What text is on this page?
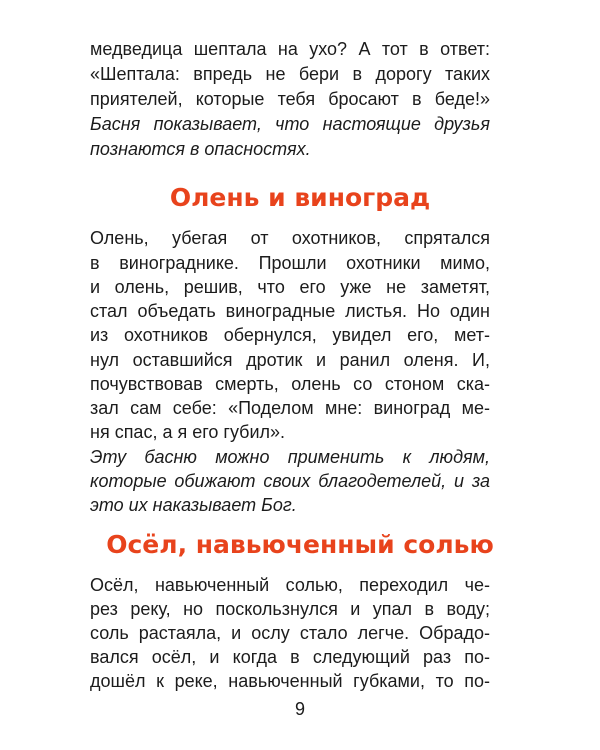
медведица шептала на ухо? А тот в ответ:

«Шептала: впредь не бери в дорогу таких

приятелей, которые тебя бросают в беде!»

Басня показывает, что настоящие друзья

познаются в опасностях.

Олень и виноград

Олень, убегая от охотников, спрятался

в винограднике. Прошли охотники мимо,

и олень, решив, что его уже не заметят,

стал объедать виноградные листья. Но один

из охотников обернулся, увидел его, мет-

нул оставшийся дротик и ранил оленя. И,

почувствовав смерть, олень со стоном ска-

зал сам себе: «Поделом мне: виноград ме-

ня спас, а я его губил».

Эту басню можно применить к людям,

которые обижают своих благодетелей, и за

это их наказывает Бог.

Осёл, навьюченный солью

Осёл, навьюченный солью, переходил че-

рез реку, но поскользнулся и упал в воду;

соль растаяла, и ослу стало легче. Обрадо-

вался осёл, и когда в следующий раз по-

дошёл к реке, навьюченный губками, то по-

9
